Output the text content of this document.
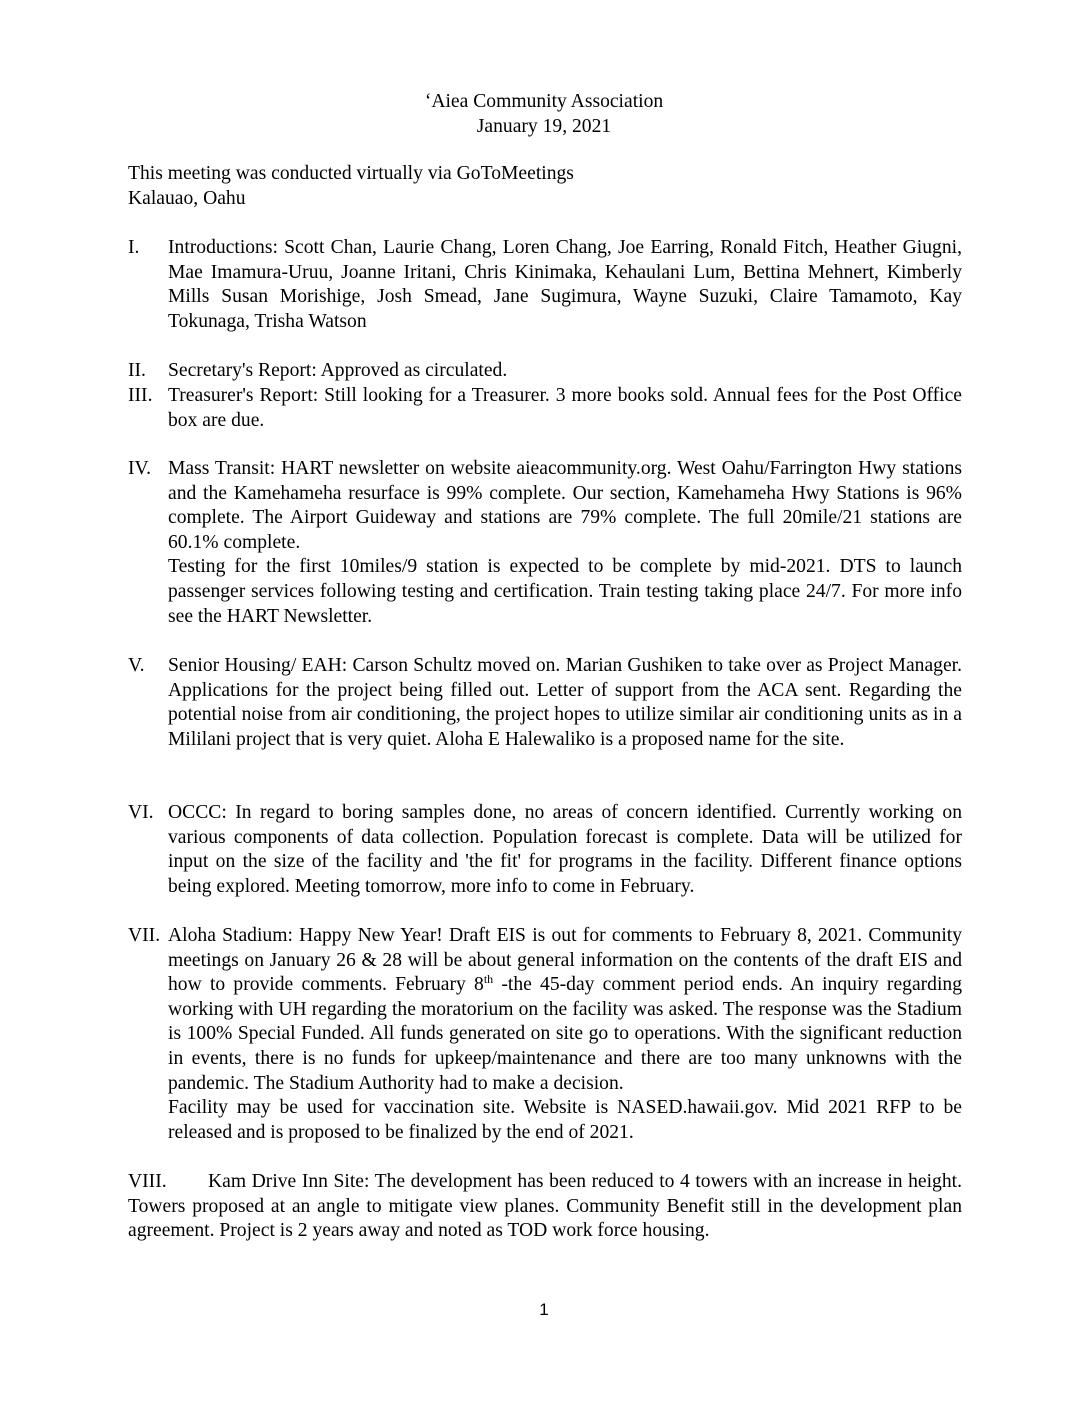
‘Aiea Community Association
January 19, 2021
This meeting was conducted virtually via GoToMeetings
Kalauao, Oahu
I. Introductions: Scott Chan, Laurie Chang, Loren Chang, Joe Earring, Ronald Fitch, Heather Giugni, Mae Imamura-Uruu, Joanne Iritani, Chris Kinimaka, Kehaulani Lum, Bettina Mehnert, Kimberly Mills Susan Morishige, Josh Smead, Jane Sugimura, Wayne Suzuki, Claire Tamamoto, Kay Tokunaga, Trisha Watson

II. Secretary's Report: Approved as circulated.

III. Treasurer's Report: Still looking for a Treasurer. 3 more books sold. Annual fees for the Post Office box are due.

IV. Mass Transit: HART newsletter on website aieacommunity.org. West Oahu/Farrington Hwy stations and the Kamehameha resurface is 99% complete. Our section, Kamehameha Hwy Stations is 96% complete. The Airport Guideway and stations are 79% complete. The full 20mile/21 stations are 60.1% complete.

Testing for the first 10miles/9 station is expected to be complete by mid-2021. DTS to launch passenger services following testing and certification. Train testing taking place 24/7. For more info see the HART Newsletter.

V. Senior Housing/ EAH: Carson Schultz moved on. Marian Gushiken to take over as Project Manager. Applications for the project being filled out. Letter of support from the ACA sent. Regarding the potential noise from air conditioning, the project hopes to utilize similar air conditioning units as in a Mililani project that is very quiet. Aloha E Halewaliko is a proposed name for the site.

VI. OCCC: In regard to boring samples done, no areas of concern identified. Currently working on various components of data collection. Population forecast is complete. Data will be utilized for input on the size of the facility and 'the fit' for programs in the facility. Different finance options being explored. Meeting tomorrow, more info to come in February.

VII. Aloha Stadium: Happy New Year! Draft EIS is out for comments to February 8, 2021. Community meetings on January 26 & 28 will be about general information on the contents of the draft EIS and how to provide comments. February 8th -the 45-day comment period ends. An inquiry regarding working with UH regarding the moratorium on the facility was asked. The response was the Stadium is 100% Special Funded. All funds generated on site go to operations. With the significant reduction in events, there is no funds for upkeep/maintenance and there are too many unknowns with the pandemic. The Stadium Authority had to make a decision.

Facility may be used for vaccination site. Website is NASED.hawaii.gov. Mid 2021 RFP to be released and is proposed to be finalized by the end of 2021.

VIII.	Kam Drive Inn Site: The development has been reduced to 4 towers with an increase in height. Towers proposed at an angle to mitigate view planes. Community Benefit still in the development plan agreement. Project is 2 years away and noted as TOD work force housing.

1
